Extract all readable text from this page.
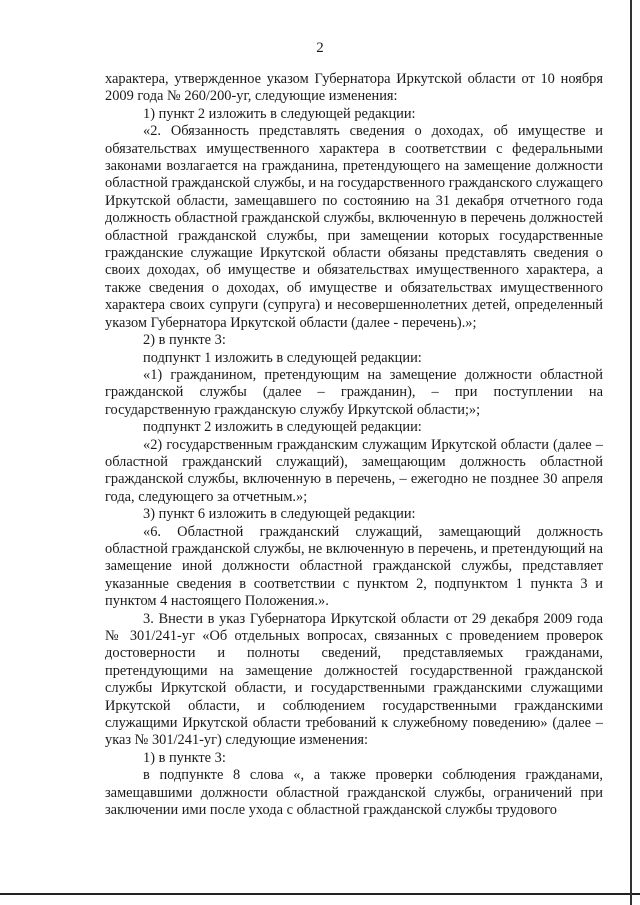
2

характера, утвержденное указом Губернатора Иркутской области от 10 ноября 2009 года № 260/200-уг, следующие изменения:

1) пункт 2 изложить в следующей редакции:

«2. Обязанность представлять сведения о доходах, об имуществе и обязательствах имущественного характера в соответствии с федеральными законами возлагается на гражданина, претендующего на замещение должности областной гражданской службы, и на государственного гражданского служащего Иркутской области, замещавшего по состоянию на 31 декабря отчетного года должность областной гражданской службы, включенную в перечень должностей областной гражданской службы, при замещении которых государственные гражданские служащие Иркутской области обязаны представлять сведения о своих доходах, об имуществе и обязательствах имущественного характера, а также сведения о доходах, об имуществе и обязательствах имущественного характера своих супруги (супруга) и несовершеннолетних детей, определенный указом Губернатора Иркутской области (далее - перечень).»;

2) в пункте 3:

подпункт 1 изложить в следующей редакции:

«1) гражданином, претендующим на замещение должности областной гражданской службы (далее – гражданин), – при поступлении на государственную гражданскую службу Иркутской области;»;

подпункт 2 изложить в следующей редакции:

«2) государственным гражданским служащим Иркутской области (далее – областной гражданский служащий), замещающим должность областной гражданской службы, включенную в перечень, – ежегодно не позднее 30 апреля года, следующего за отчетным.»;

3) пункт 6 изложить в следующей редакции:

«6. Областной гражданский служащий, замещающий должность областной гражданской службы, не включенную в перечень, и претендующий на замещение иной должности областной гражданской службы, представляет указанные сведения в соответствии с пунктом 2, подпунктом 1 пункта 3 и пунктом 4 настоящего Положения.».

3. Внести в указ Губернатора Иркутской области от 29 декабря 2009 года № 301/241-уг «Об отдельных вопросах, связанных с проведением проверок достоверности и полноты сведений, представляемых гражданами, претендующими на замещение должностей государственной гражданской службы Иркутской области, и государственными гражданскими служащими Иркутской области, и соблюдением государственными гражданскими служащими Иркутской области требований к служебному поведению» (далее – указ № 301/241-уг) следующие изменения:

1) в пункте 3:

в подпункте 8 слова «, а также проверки соблюдения гражданами, замещавшими должности областной гражданской службы, ограничений при заключении ими после ухода с областной гражданской службы трудового
